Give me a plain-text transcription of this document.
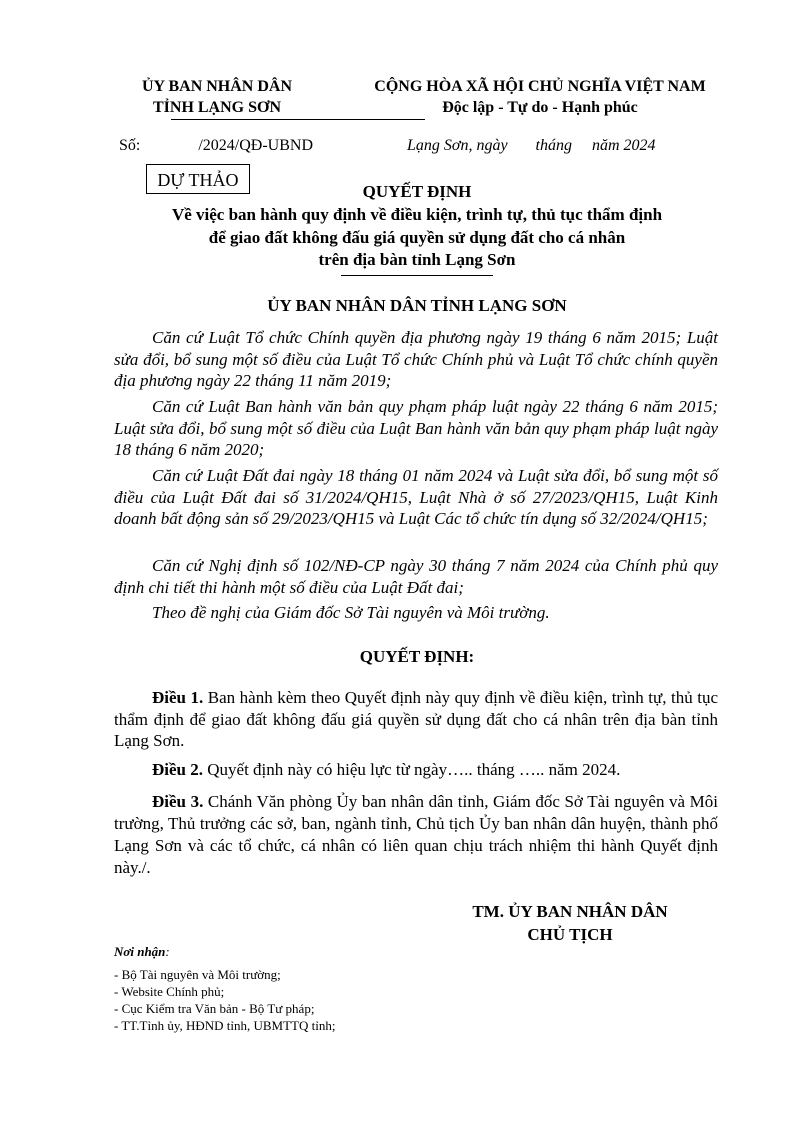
ỦY BAN NHÂN DÂN
TỈNH LẠNG SƠN
CỘNG HÒA XÃ HỘI CHỦ NGHĨA VIỆT NAM
Độc lập - Tự do - Hạnh phúc
Số:	/2024/QĐ-UBND	Lạng Sơn, ngày       tháng     năm 2024
DỰ THẢO
QUYẾT ĐỊNH
Về việc ban hành quy định về điều kiện, trình tự, thủ tục thẩm định
để giao đất không đấu giá quyền sử dụng đất cho cá nhân
trên địa bàn tỉnh Lạng Sơn
ỦY BAN NHÂN DÂN TỈNH LẠNG SƠN

Căn cứ Luật Tổ chức Chính quyền địa phương ngày 19 tháng 6 năm 2015; Luật sửa đổi, bổ sung một số điều của Luật Tổ chức Chính phủ và Luật Tổ chức chính quyền địa phương ngày 22 tháng 11 năm 2019;

Căn cứ Luật Ban hành văn bản quy phạm pháp luật ngày 22 tháng 6 năm 2015; Luật sửa đổi, bổ sung một số điều của Luật Ban hành văn bản quy phạm pháp luật ngày 18 tháng 6 năm 2020;

Căn cứ Luật Đất đai ngày 18 tháng 01 năm 2024 và Luật sửa đổi, bổ sung một số điều của Luật Đất đai số 31/2024/QH15, Luật Nhà ở số 27/2023/QH15, Luật Kinh doanh bất động sản số 29/2023/QH15 và Luật Các tổ chức tín dụng số 32/2024/QH15;

Căn cứ Nghị định số 102/NĐ-CP ngày 30 tháng 7 năm 2024 của Chính phủ quy định chi tiết thi hành một số điều của Luật Đất đai;

Theo đề nghị của Giám đốc Sở Tài nguyên và Môi trường.

QUYẾT ĐỊNH:

Điều 1. Ban hành kèm theo Quyết định này quy định về điều kiện, trình tự, thủ tục thẩm định để giao đất không đấu giá quyền sử dụng đất cho cá nhân trên địa bàn tỉnh Lạng Sơn.

Điều 2. Quyết định này có hiệu lực từ ngày….. tháng ….. năm 2024.

Điều 3. Chánh Văn phòng Ủy ban nhân dân tỉnh, Giám đốc Sở Tài nguyên và Môi trường, Thủ trưởng các sở, ban, ngành tỉnh, Chủ tịch Ủy ban nhân dân huyện, thành phố Lạng Sơn và các tổ chức, cá nhân có liên quan chịu trách nhiệm thi hành Quyết định này./.

TM. ỦY BAN NHÂN DÂN
CHỦ TỊCH
Nơi nhận:
- Bộ Tài nguyên và Môi trường;
- Website Chính phủ;
- Cục Kiểm tra Văn bản - Bộ Tư pháp;
- TT.Tỉnh ủy, HĐND tỉnh, UBMTTQ tỉnh;
